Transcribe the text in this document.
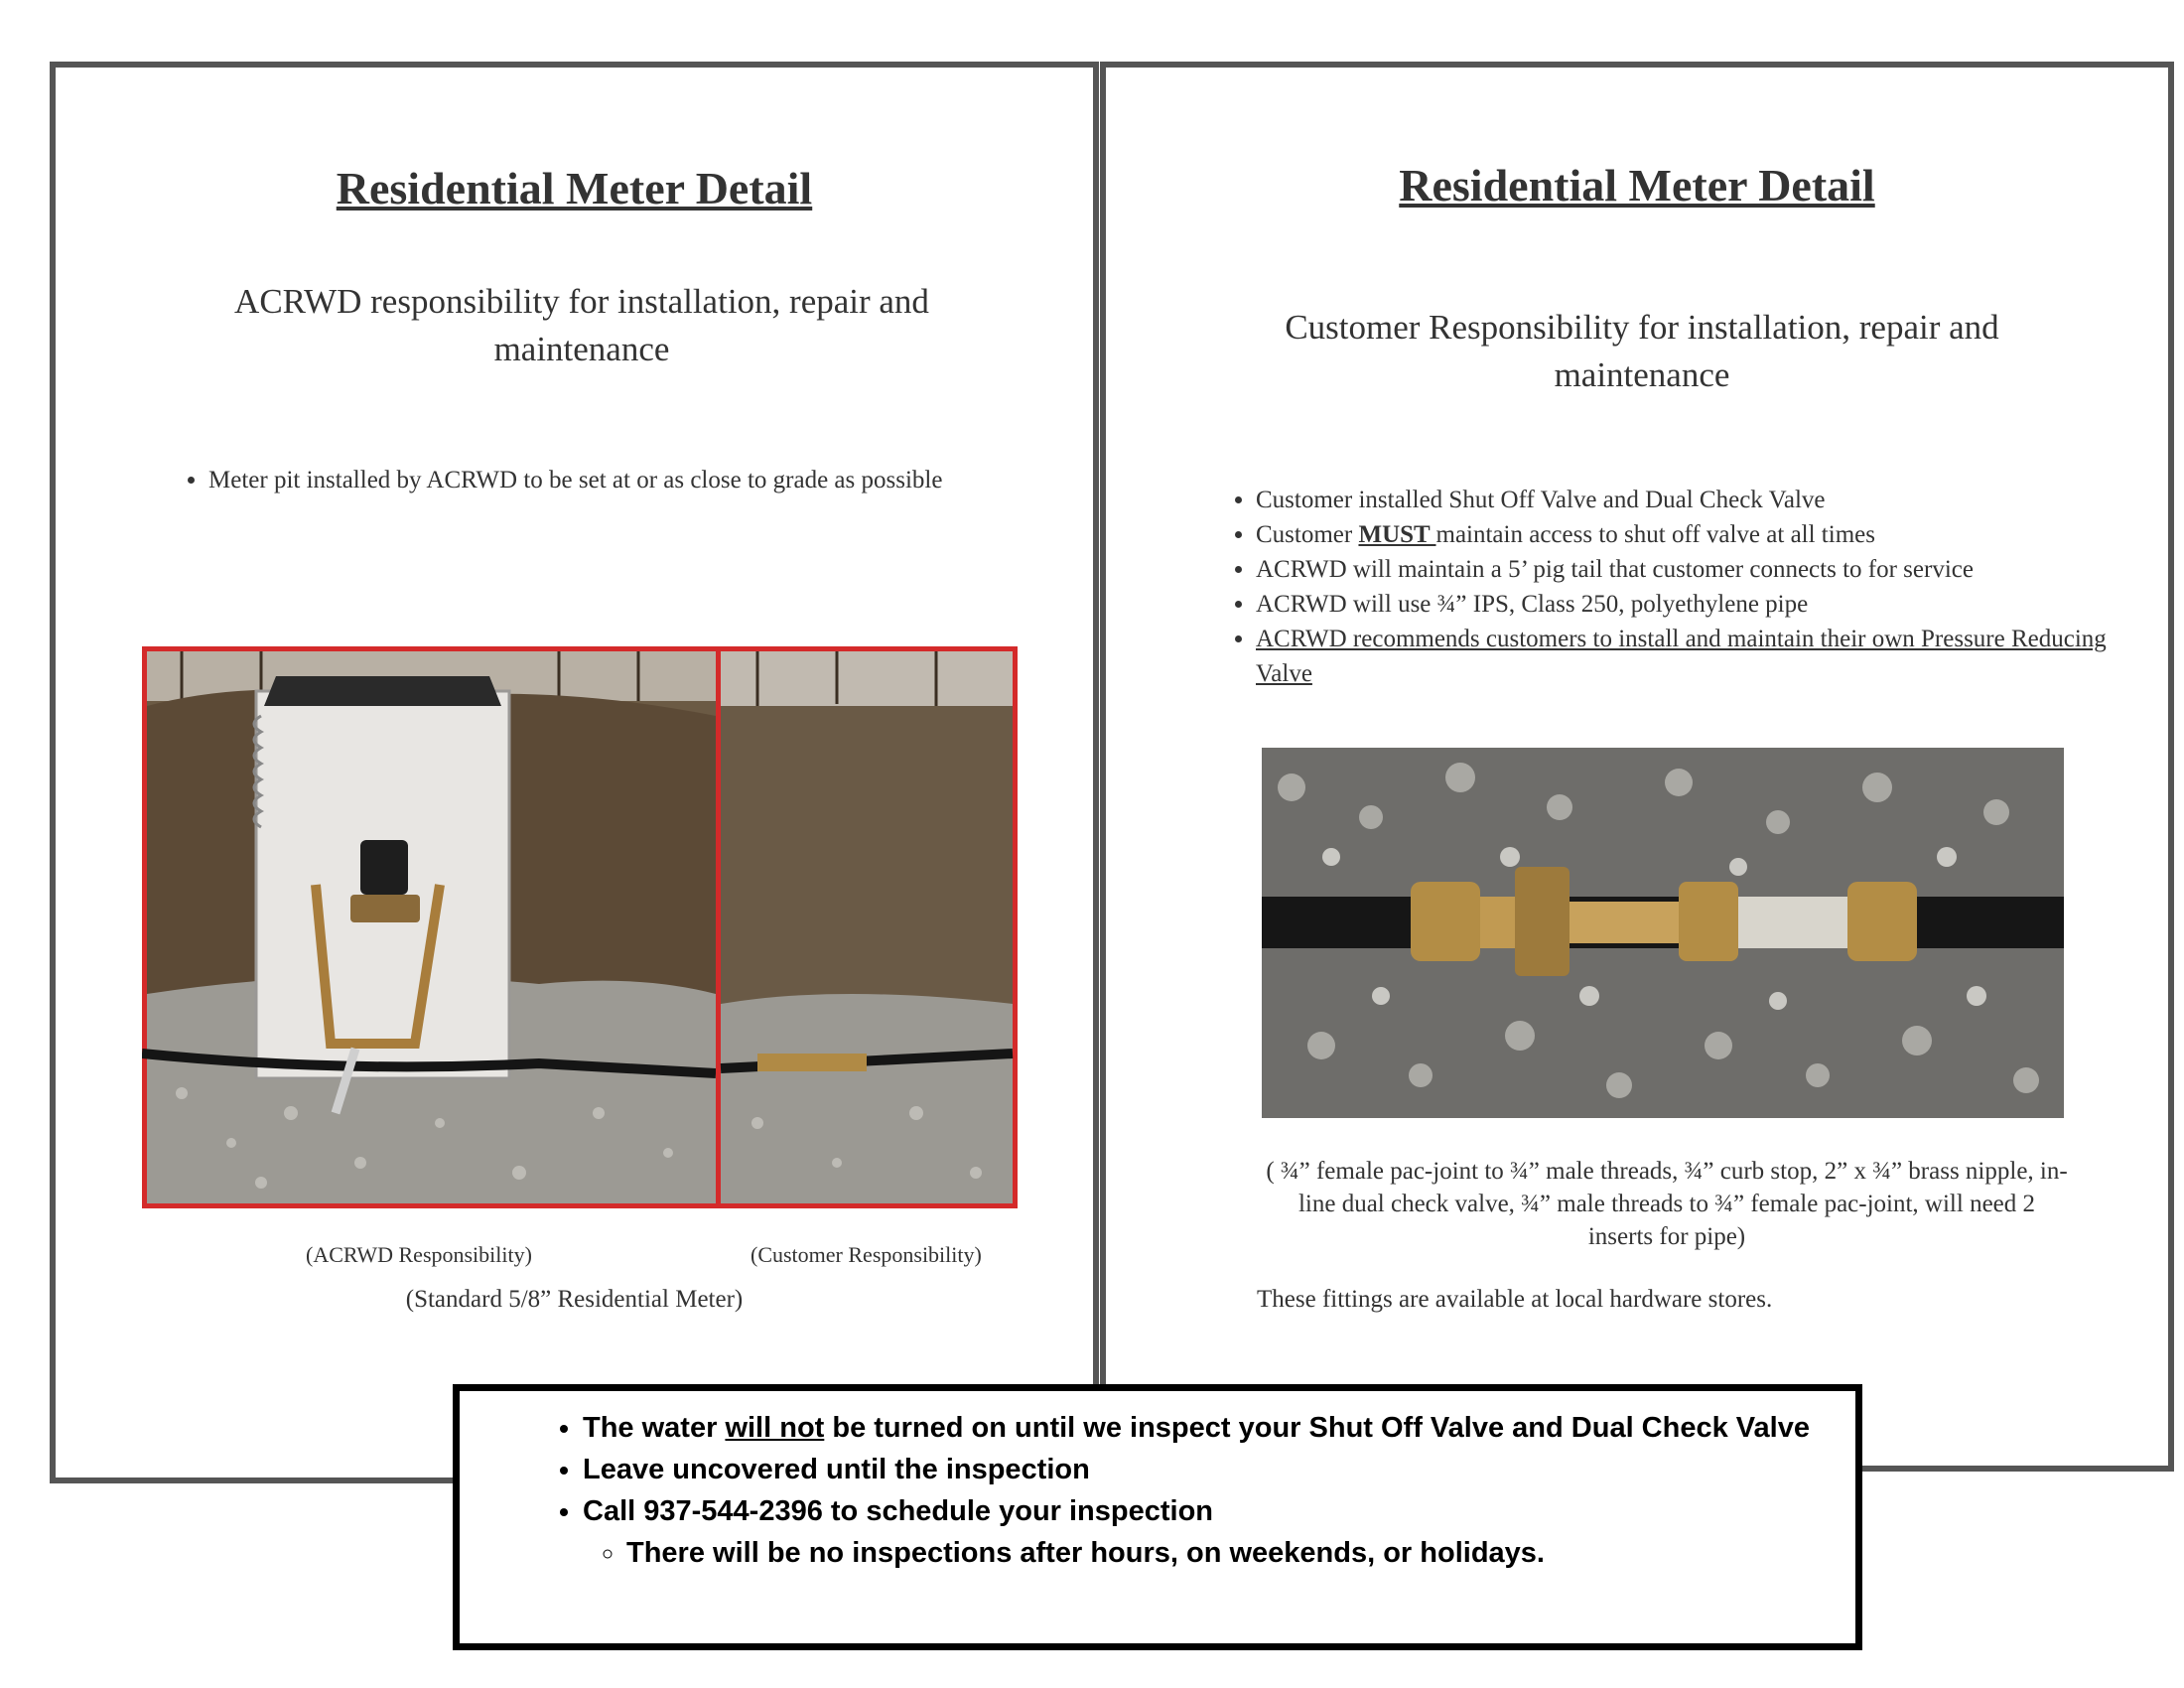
Residential Meter Detail
ACRWD responsibility for installation, repair and maintenance
• Meter pit installed by ACRWD to be set at or as close to grade as possible
(ACRWD Responsibility)	(Customer Responsibility)
(Standard 5/8” Residential Meter)
Residential Meter Detail
Customer Responsibility for installation, repair and maintenance
• Customer installed Shut Off Valve and Dual Check Valve
• Customer MUST maintain access to shut off valve at all times
• ACRWD will maintain a 5’ pig tail that customer connects to for service
• ACRWD will use ¾” IPS, Class 250, polyethylene pipe
• ACRWD recommends customers to install and maintain their own Pressure Reducing Valve
( ¾” female pac-joint to ¾” male threads, ¾” curb stop, 2” x ¾” brass nipple, in-line dual check valve, ¾” male threads to ¾” female pac-joint, will need 2 inserts for pipe)
These fittings are available at local hardware stores.
• The water will not be turned on until we inspect your Shut Off Valve and Dual Check Valve
• Leave uncovered until the inspection
• Call 937-544-2396 to schedule your inspection
◦ There will be no inspections after hours, on weekends, or holidays.
